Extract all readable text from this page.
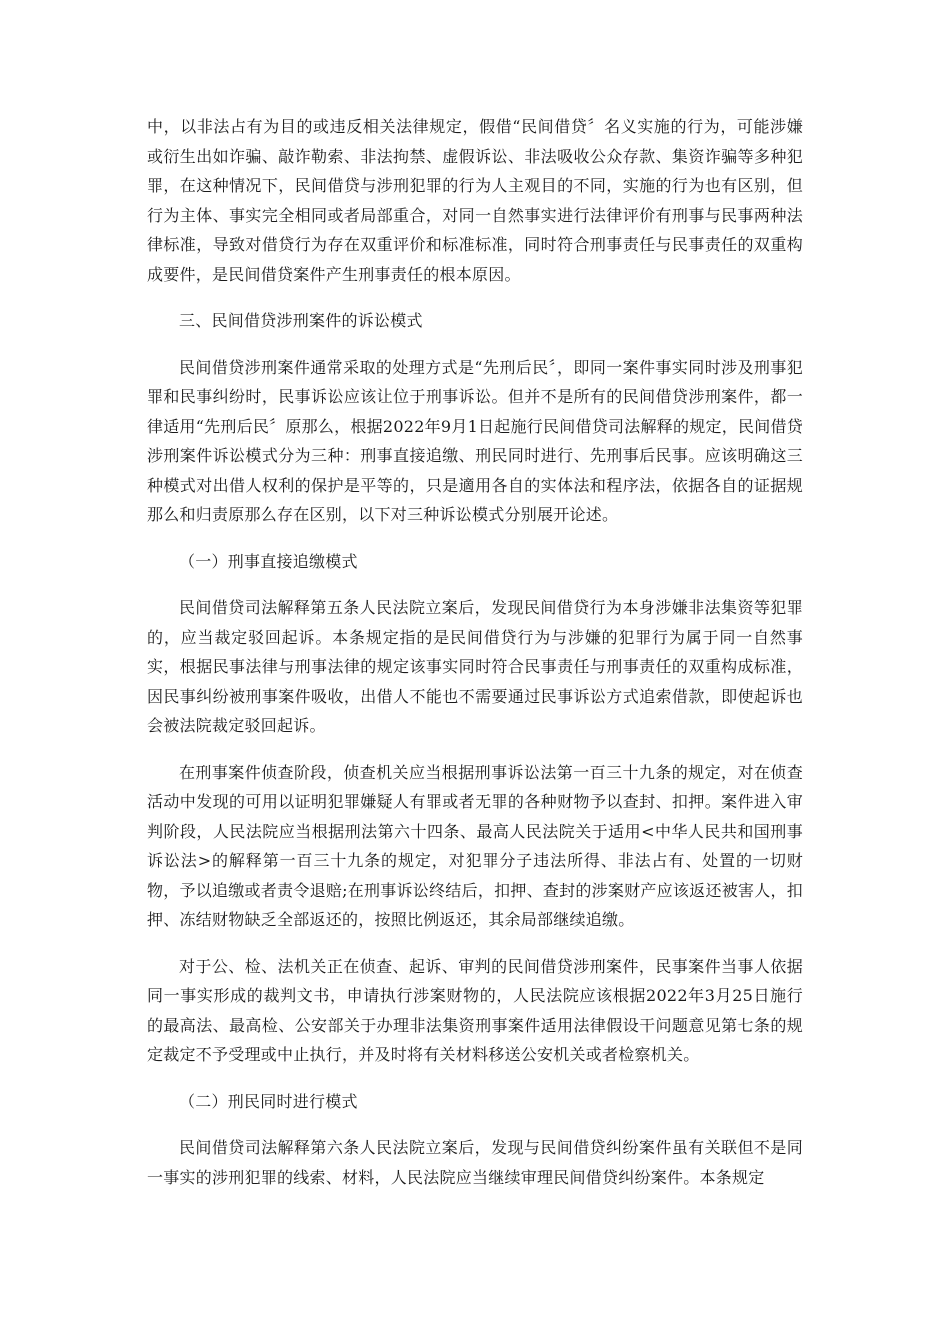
中，以非法占有为目的或违反相关法律规定，假借“民间借贷〞名义实施的行为，可能涉嫌或衍生出如诈骗、敲诈勒索、非法拘禁、虚假诉讼、非法吸收公众存款、集资诈骗等多种犯罪，在这种情况下，民间借贷与涉刑犯罪的行为人主观目的不同，实施的行为也有区别，但行为主体、事实完全相同或者局部重合，对同一自然事实进行法律评价有刑事与民事两种法律标准，导致对借贷行为存在双重评价和标准标准，同时符合刑事责任与民事责任的双重构成要件，是民间借贷案件产生刑事责任的根本原因。

三、民间借贷涉刑案件的诉讼模式

民间借贷涉刑案件通常采取的处理方式是“先刑后民〞，即同一案件事实同时涉及刑事犯罪和民事纠纷时，民事诉讼应该让位于刑事诉讼。但并不是所有的民间借贷涉刑案件，都一律适用“先刑后民〞原那么，根据2022年9月1日起施行民间借贷司法解释的规定，民间借贷涉刑案件诉讼模式分为三种：刑事直接追缴、刑民同时进行、先刑事后民事。应该明确这三种模式对出借人权利的保护是平等的，只是適用各自的实体法和程序法，依据各自的证据规那么和归责原那么存在区别，以下对三种诉讼模式分别展开论述。

（一）刑事直接追缴模式

民间借贷司法解释第五条人民法院立案后，发现民间借贷行为本身涉嫌非法集资等犯罪的，应当裁定驳回起诉。本条规定指的是民间借贷行为与涉嫌的犯罪行为属于同一自然事实，根据民事法律与刑事法律的规定该事实同时符合民事责任与刑事责任的双重构成标准，因民事纠纷被刑事案件吸收，出借人不能也不需要通过民事诉讼方式追索借款，即使起诉也会被法院裁定驳回起诉。

在刑事案件侦查阶段，侦查机关应当根据刑事诉讼法第一百三十九条的规定，对在侦查活动中发现的可用以证明犯罪嫌疑人有罪或者无罪的各种财物予以查封、扣押。案件进入审判阶段，人民法院应当根据刑法第六十四条、最高人民法院关于适用<中华人民共和国刑事诉讼法>的解释第一百三十九条的规定，对犯罪分子违法所得、非法占有、处置的一切财物，予以追缴或者责令退赔;在刑事诉讼终结后，扣押、查封的涉案财产应该返还被害人，扣押、冻结财物缺乏全部返还的，按照比例返还，其余局部继续追缴。

对于公、检、法机关正在侦查、起诉、审判的民间借贷涉刑案件，民事案件当事人依据同一事实形成的裁判文书，申请执行涉案财物的，人民法院应该根据2022年3月25日施行的最高法、最高检、公安部关于办理非法集资刑事案件适用法律假设干问题意见第七条的规定裁定不予受理或中止执行，并及时将有关材料移送公安机关或者检察机关。

（二）刑民同时进行模式

民间借贷司法解释第六条人民法院立案后，发现与民间借贷纠纷案件虽有关联但不是同一事实的涉刑犯罪的线索、材料，人民法院应当继续审理民间借贷纠纷案件。本条规定
